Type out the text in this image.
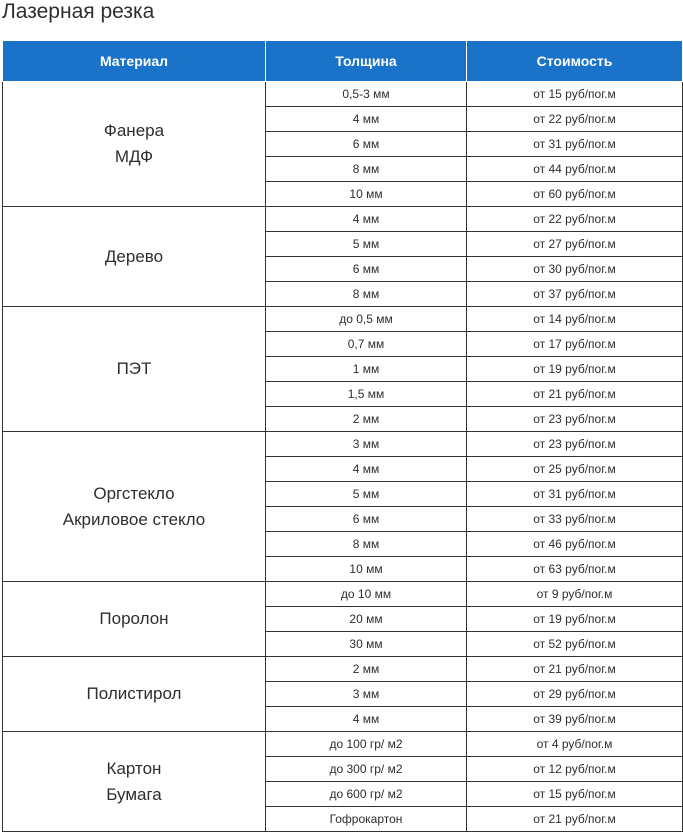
Лазерная резка
Материал	Толщина	Стоимость

Фанера
МДФ	0,5-3 мм	от 15 руб/пог.м
	4 мм	от 22 руб/пог.м
	6 мм	от 31 руб/пог.м
	8 мм	от 44 руб/пог.м
	10 мм	от 60 руб/пог.м

Дерево	4 мм	от 22 руб/пог.м
	5 мм	от 27 руб/пог.м
	6 мм	от 30 руб/пог.м
	8 мм	от 37 руб/пог.м

ПЭТ	до 0,5 мм	от 14 руб/пог.м
	0,7 мм	от 17 руб/пог.м
	1 мм	от 19 руб/пог.м
	1,5 мм	от 21 руб/пог.м
	2 мм	от 23 руб/пог.м

Оргстекло
Акриловое стекло	3 мм	от 23 руб/пог.м
	4 мм	от 25 руб/пог.м
	5 мм	от 31 руб/пог.м
	6 мм	от 33 руб/пог.м
	8 мм	от 46 руб/пог.м
	10 мм	от 63 руб/пог.м

Поролон	до 10 мм	от 9 руб/пог.м
	20 мм	от 19 руб/пог.м
	30 мм	от 52 руб/пог.м

Полистирол	2 мм	от 21 руб/пог.м
	3 мм	от 29 руб/пог.м
	4 мм	от 39 руб/пог.м

Картон
Бумага	до 100 гр/ м2	от 4 руб/пог.м
	до 300 гр/ м2	от 12 руб/пог.м
	до 600 гр/ м2	от 15 руб/пог.м
	Гофрокартон	от 21 руб/пог.м
